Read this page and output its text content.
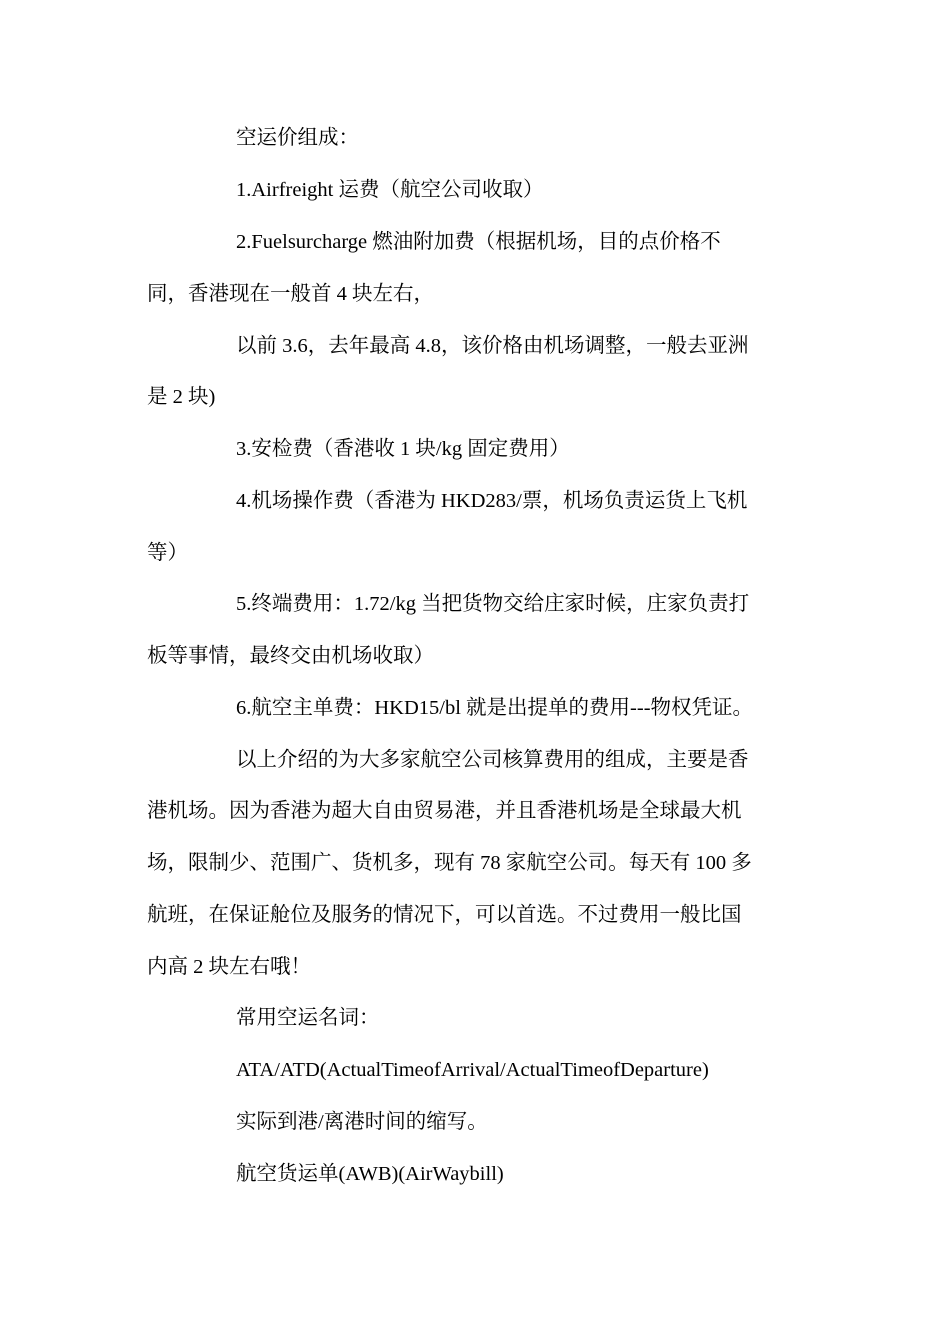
空运价组成：
1.Airfreight 运费（航空公司收取）
2.Fuelsurcharge 燃油附加费（根据机场，目的点价格不
同，香港现在一般首 4 块左右，
以前 3.6，去年最高 4.8，该价格由机场调整，一般去亚洲
是 2 块)
3.安检费（香港收 1 块/kg 固定费用）
4.机场操作费（香港为 HKD283/票，机场负责运货上飞机
等）
5.终端费用：1.72/kg 当把货物交给庄家时候，庄家负责打
板等事情，最终交由机场收取）
6.航空主单费：HKD15/bl 就是出提单的费用---物权凭证。
以上介绍的为大多家航空公司核算费用的组成，主要是香
港机场。因为香港为超大自由贸易港，并且香港机场是全球最大机
场，限制少、范围广、货机多，现有 78 家航空公司。每天有 100 多
航班，在保证舱位及服务的情况下，可以首选。不过费用一般比国
内高 2 块左右哦！
常用空运名词：
ATA/ATD(ActualTimeofArrival/ActualTimeofDeparture)
实际到港/离港时间的缩写。
航空货运单(AWB)(AirWaybill)
